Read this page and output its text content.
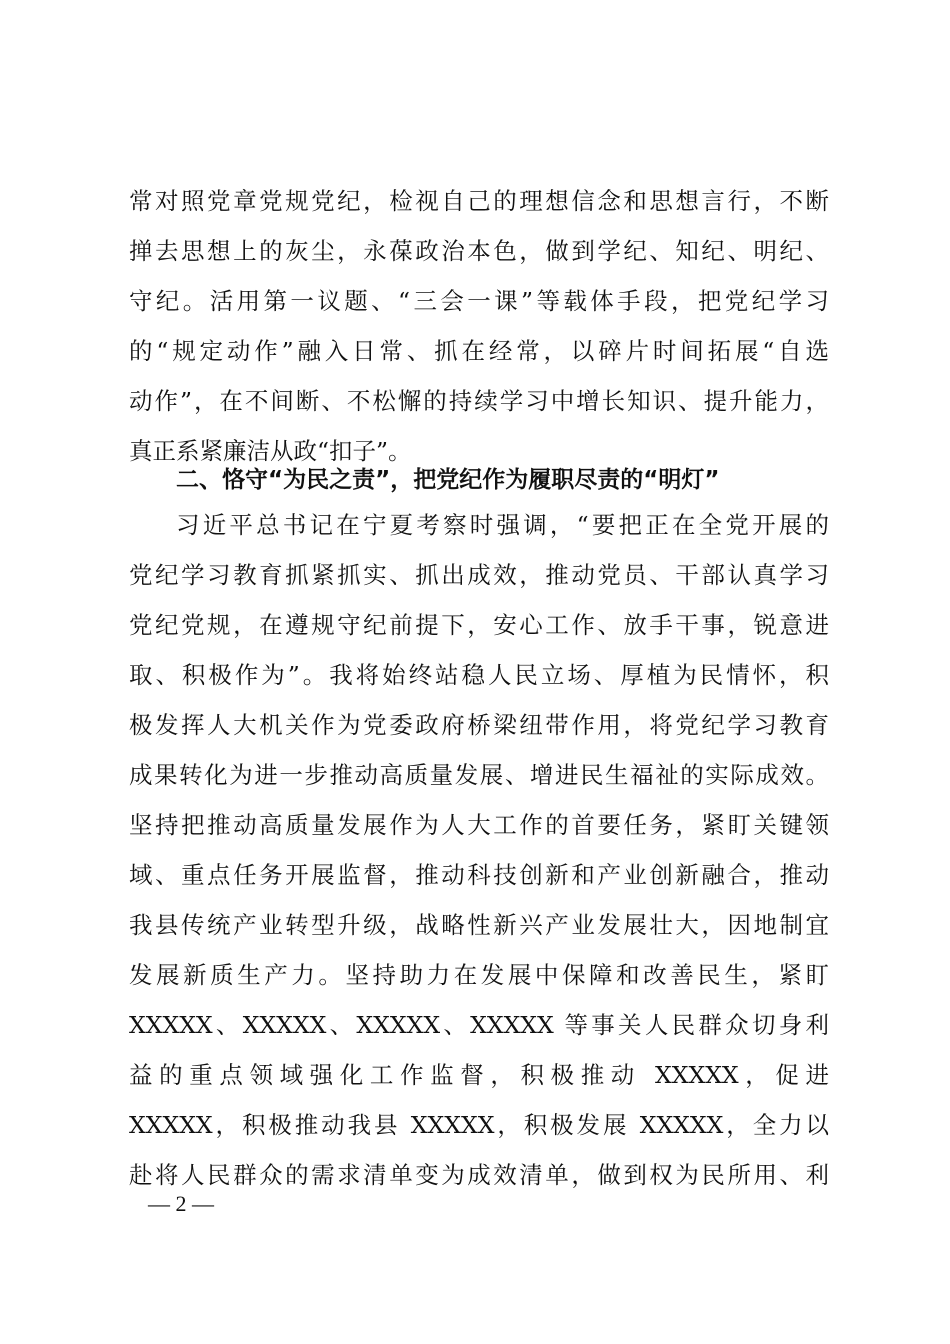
常对照党章党规党纪，检视自己的理想信念和思想言行，不断
掸去思想上的灰尘，永葆政治本色，做到学纪、知纪、明纪、
守纪。活用第一议题、“三会一课”等载体手段，把党纪学习
的“规定动作”融入日常、抓在经常，以碎片时间拓展“自选
动作”，在不间断、不松懈的持续学习中增长知识、提升能力，
真正系紧廉洁从政“扣子”。
二、恪守“为民之责”，把党纪作为履职尽责的“明灯”
习近平总书记在宁夏考察时强调，“要把正在全党开展的
党纪学习教育抓紧抓实、抓出成效，推动党员、干部认真学习
党纪党规，在遵规守纪前提下，安心工作、放手干事，锐意进
取、积极作为”。我将始终站稳人民立场、厚植为民情怀，积
极发挥人大机关作为党委政府桥梁纽带作用，将党纪学习教育
成果转化为进一步推动高质量发展、增进民生福祉的实际成效。
坚持把推动高质量发展作为人大工作的首要任务，紧盯关键领
域、重点任务开展监督，推动科技创新和产业创新融合，推动
我县传统产业转型升级，战略性新兴产业发展壮大，因地制宜
发展新质生产力。坚持助力在发展中保障和改善民生，紧盯
XXXXX、XXXXX、XXXXX、XXXXX 等事关人民群众切身利
益的重点领域强化工作监督，积极推动 XXXXX，促进
XXXXX，积极推动我县 XXXXX，积极发展 XXXXX，全力以
赴将人民群众的需求清单变为成效清单，做到权为民所用、利
— 2 —
